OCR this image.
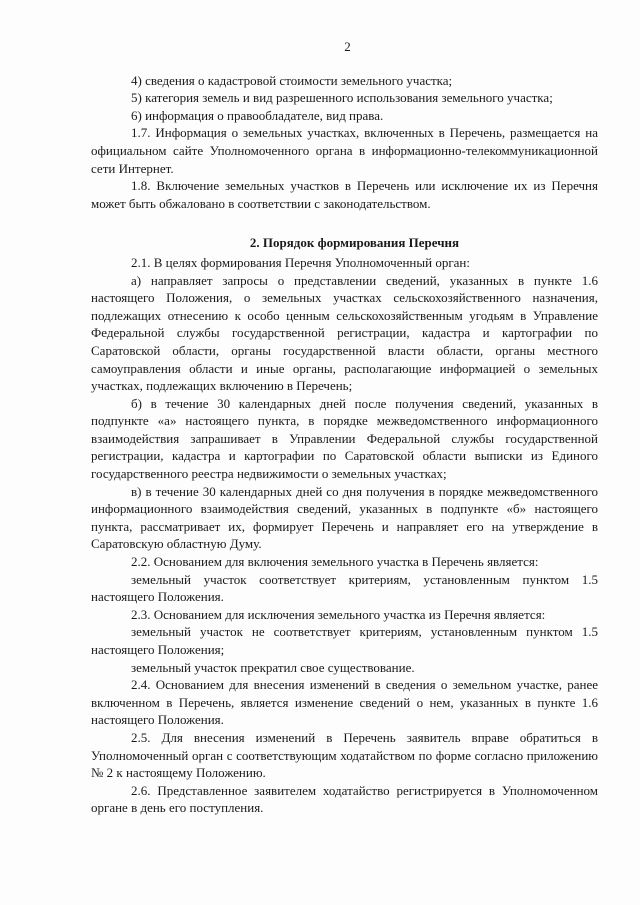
2

4) сведения о кадастровой стоимости земельного участка;

5) категория земель и вид разрешенного использования земельного участка;

6) информация о правообладателе, вид права.

1.7. Информация о земельных участках, включенных в Перечень, размещается на официальном сайте Уполномоченного органа в информационно-телекоммуникационной сети Интернет.

1.8. Включение земельных участков в Перечень или исключение их из Перечня может быть обжаловано в соответствии с законодательством.

2. Порядок формирования Перечня

2.1. В целях формирования Перечня Уполномоченный орган:

а) направляет запросы о представлении сведений, указанных в пункте 1.6 настоящего Положения, о земельных участках сельскохозяйственного назначения, подлежащих отнесению к особо ценным сельскохозяйственным угодьям в Управление Федеральной службы государственной регистрации, кадастра и картографии по Саратовской области, органы государственной власти области, органы местного самоуправления области и иные органы, располагающие информацией о земельных участках, подлежащих включению в Перечень;

б) в течение 30 календарных дней после получения сведений, указанных в подпункте «а» настоящего пункта, в порядке межведомственного информационного взаимодействия запрашивает в Управлении Федеральной службы государственной регистрации, кадастра и картографии по Саратовской области выписки из Единого государственного реестра недвижимости о земельных участках;

в) в течение 30 календарных дней со дня получения в порядке межведомственного информационного взаимодействия сведений, указанных в подпункте «б» настоящего пункта, рассматривает их, формирует Перечень и направляет его на утверждение в Саратовскую областную Думу.

2.2. Основанием для включения земельного участка в Перечень является:

земельный участок соответствует критериям, установленным пунктом 1.5 настоящего Положения.

2.3. Основанием для исключения земельного участка из Перечня является:

земельный участок не соответствует критериям, установленным пунктом 1.5 настоящего Положения;

земельный участок прекратил свое существование.

2.4. Основанием для внесения изменений в сведения о земельном участке, ранее включенном в Перечень, является изменение сведений о нем, указанных в пункте 1.6 настоящего Положения.

2.5. Для внесения изменений в Перечень заявитель вправе обратиться в Уполномоченный орган с соответствующим ходатайством по форме согласно приложению № 2 к настоящему Положению.

2.6. Представленное заявителем ходатайство регистрируется в Уполномоченном органе в день его поступления.
